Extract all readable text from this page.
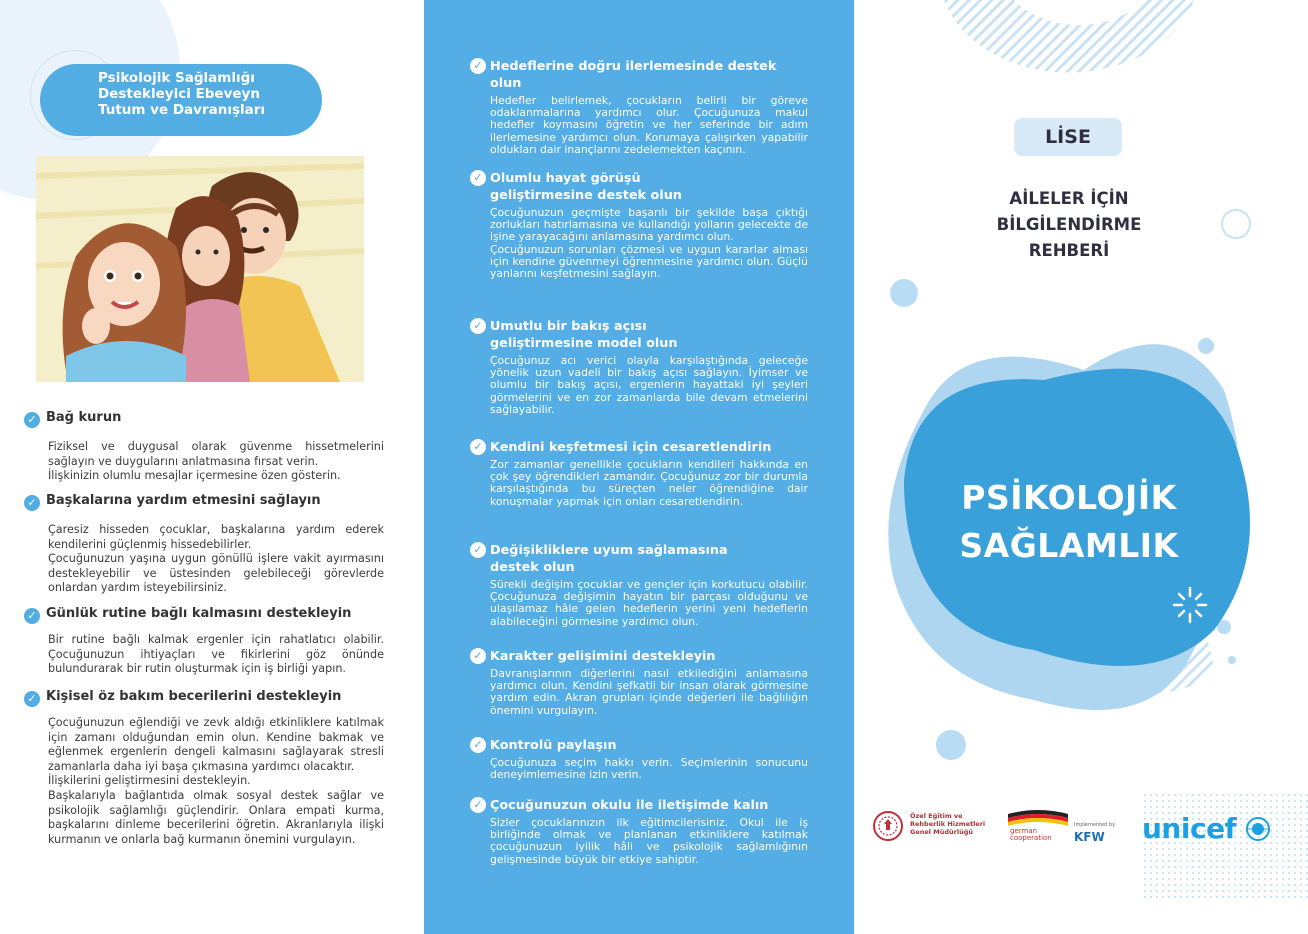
Psikolojik Sağlamlığı
Destekleyici Ebeveyn
Tutum ve Davranışları
✓ Bağ kurun

Fiziksel ve duygusal olarak güvenme hissetmelerini sağlayın ve duygularını anlatmasına fırsat verin.
İlişkinizin olumlu mesajlar içermesine özen gösterin.

✓ Başkalarına yardım etmesini sağlayın

Çaresiz hisseden çocuklar, başkalarına yardım ederek kendilerini güçlenmiş hissedebilirler.
Çocuğunuzun yaşına uygun gönüllü işlere vakit ayırmasını destekleyebilir ve üstesinden gelebileceği görevlerde onlardan yardım isteyebilirsiniz.

✓ Günlük rutine bağlı kalmasını destekleyin

Bir rutine bağlı kalmak ergenler için rahatlatıcı olabilir. Çocuğunuzun ihtiyaçları ve fikirlerini göz önünde bulundurarak bir rutin oluşturmak için iş birliği yapın.

✓ Kişisel öz bakım becerilerini destekleyin

Çocuğunuzun eğlendiği ve zevk aldığı etkinliklere katılmak için zamanı olduğundan emin olun. Kendine bakmak ve eğlenmek ergenlerin dengeli kalmasını sağlayarak stresli zamanlarla daha iyi başa çıkmasına yardımcı olacaktır.
İlişkilerini geliştirmesini destekleyin.
Başkalarıyla bağlantıda olmak sosyal destek sağlar ve psikolojik sağlamlığı güçlendirir. Onlara empati kurma, başkalarını dinleme becerilerini öğretin. Akranlarıyla ilişki kurmanın ve onlarla bağ kurmanın önemini vurgulayın.

✓ Hedeflerine doğru ilerlemesinde destek olun

Hedefler belirlemek, çocukların belirli bir göreve odaklanmalarına yardımcı olur. Çocuğunuza makul hedefler koymasını öğretin ve her seferinde bir adım ilerlemesine yardımcı olun. Korumaya çalışırken yapabilir oldukları dair inançlarını zedelemekten kaçının.

✓ Olumlu hayat görüşü geliştirmesine destek olun

Çocuğunuzun geçmişte başarılı bir şekilde başa çıktığı zorlukları hatırlamasına ve kullandığı yolların gelecekte de işine yarayacağını anlamasına yardımcı olun.
Çocuğunuzun sorunları çözmesi ve uygun kararlar alması için kendine güvenmeyi öğrenmesine yardımcı olun. Güçlü yanlarını keşfetmesini sağlayın.

✓ Umutlu bir bakış açısı geliştirmesine model olun

Çocuğunuz acı verici olayla karşılaştığında geleceğe yönelik uzun vadeli bir bakış açısı sağlayın. İyimser ve olumlu bir bakış açısı, ergenlerin hayattaki iyi şeyleri görmelerini ve en zor zamanlarda bile devam etmelerini sağlayabilir.

✓ Kendini keşfetmesi için cesaretlendirin

Zor zamanlar genellikle çocukların kendileri hakkında en çok şey öğrendikleri zamandır. Çocuğunuz zor bir durumla karşılaştığında bu süreçten neler öğrendiğine dair konuşmalar yapmak için onları cesaretlendirin.

✓ Değişikliklere uyum sağlamasına destek olun

Sürekli değişim çocuklar ve gençler için korkutucu olabilir. Çocuğunuza değişimin hayatın bir parçası olduğunu ve ulaşılamaz hâle gelen hedeflerin yerini yeni hedeflerin alabileceğini görmesine yardımcı olun.

✓ Karakter gelişimini destekleyin

Davranışlarının diğerlerini nasıl etkilediğini anlamasına yardımcı olun. Kendini şefkatli bir insan olarak görmesine yardım edin. Akran grupları içinde değerleri ile bağlılığın önemini vurgulayın.

✓ Kontrolü paylaşın

Çocuğunuza seçim hakkı verin. Seçimlerinin sonucunu deneyimlemesine izin verin.

✓ Çocuğunuzun okulu ile iletişimde kalın

Sizler çocuklarınızın ilk eğitimcilerisiniz. Okul ile iş birliğinde olmak ve planlanan etkinliklere katılmak çocuğunuzun iyilik hâli ve psikolojik sağlamlığının gelişmesinde büyük bir etkiye sahiptir.

LİSE
AİLELER İÇİN
BİLGİLENDİRME
REHBERİ
PSİKOLOJİK
SAĞLAMLIK
Özel Eğitim ve
Rehberlik Hizmetleri
Genel Müdürlüğü	german
cooperation
Implemented by
KFW unicef
